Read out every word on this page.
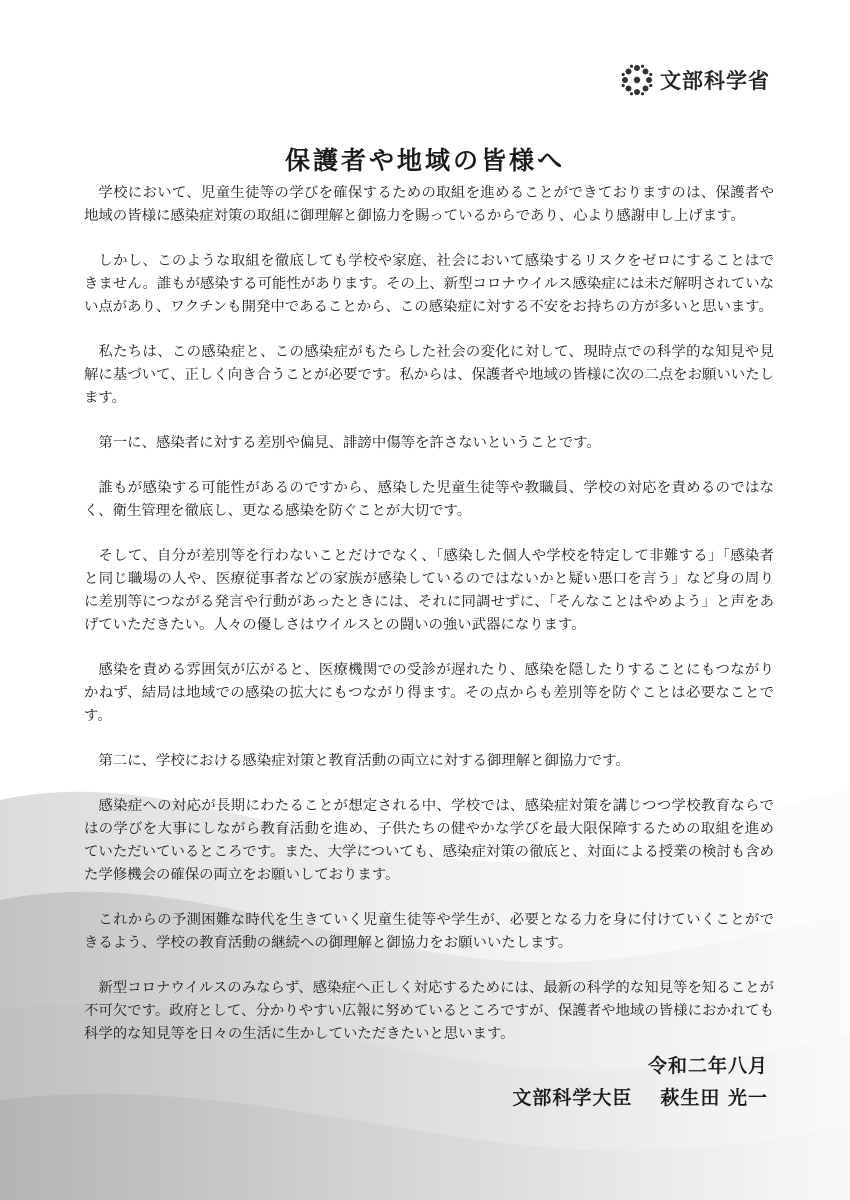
文部科学省
保護者や地域の皆様へ

学校において、児童生徒等の学びを確保するための取組を進めることができておりますのは、保護者や地域の皆様に感染症対策の取組に御理解と御協力を賜っているからであり、心より感謝申し上げます。

しかし、このような取組を徹底しても学校や家庭、社会において感染するリスクをゼロにすることはできません。誰もが感染する可能性があります。その上、新型コロナウイルス感染症には未だ解明されていない点があり、ワクチンも開発中であることから、この感染症に対する不安をお持ちの方が多いと思います。

私たちは、この感染症と、この感染症がもたらした社会の変化に対して、現時点での科学的な知見や見解に基づいて、正しく向き合うことが必要です。私からは、保護者や地域の皆様に次の二点をお願いいたします。

第一に、感染者に対する差別や偏見、誹謗中傷等を許さないということです。

誰もが感染する可能性があるのですから、感染した児童生徒等や教職員、学校の対応を責めるのではなく、衛生管理を徹底し、更なる感染を防ぐことが大切です。

そして、自分が差別等を行わないことだけでなく、「感染した個人や学校を特定して非難する」「感染者と同じ職場の人や、医療従事者などの家族が感染しているのではないかと疑い悪口を言う」など身の周りに差別等につながる発言や行動があったときには、それに同調せずに、「そんなことはやめよう」と声をあげていただきたい。人々の優しさはウイルスとの闘いの強い武器になります。

感染を責める雰囲気が広がると、医療機関での受診が遅れたり、感染を隠したりすることにもつながりかねず、結局は地域での感染の拡大にもつながり得ます。その点からも差別等を防ぐことは必要なことです。

第二に、学校における感染症対策と教育活動の両立に対する御理解と御協力です。

感染症への対応が長期にわたることが想定される中、学校では、感染症対策を講じつつ学校教育ならではの学びを大事にしながら教育活動を進め、子供たちの健やかな学びを最大限保障するための取組を進めていただいているところです。また、大学についても、感染症対策の徹底と、対面による授業の検討も含めた学修機会の確保の両立をお願いしております。

これからの予測困難な時代を生きていく児童生徒等や学生が、必要となる力を身に付けていくことができるよう、学校の教育活動の継続への御理解と御協力をお願いいたします。

新型コロナウイルスのみならず、感染症へ正しく対応するためには、最新の科学的な知見等を知ることが不可欠です。政府として、分かりやすい広報に努めているところですが、保護者や地域の皆様におかれても科学的な知見等を日々の生活に生かしていただきたいと思います。

令和二年八月
文部科学大臣 萩生田 光一
